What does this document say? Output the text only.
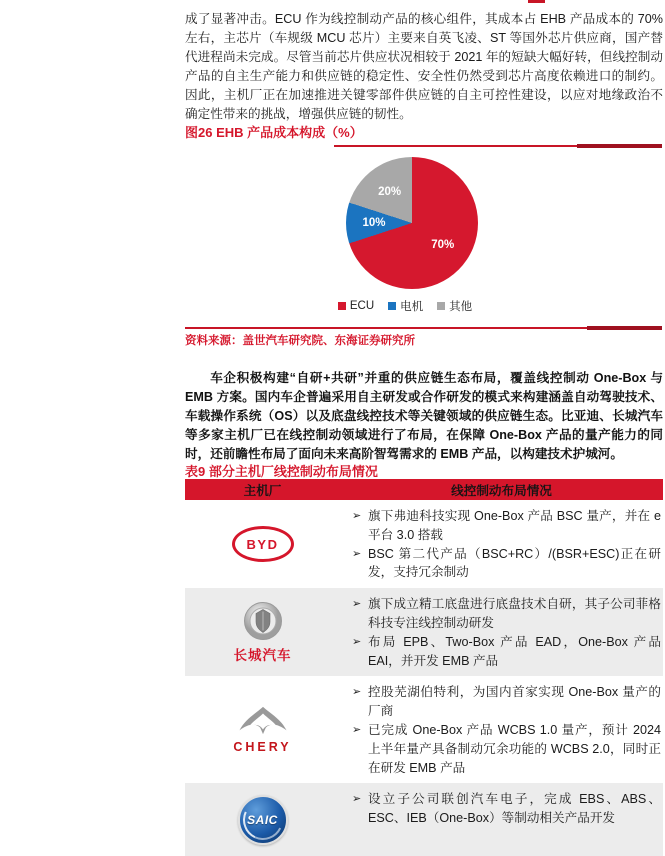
成了显著冲击。ECU 作为线控制动产品的核心组件，其成本占 EHB 产品成本的 70%左右，主芯片（车规级 MCU 芯片）主要来自英飞凌、ST 等国外芯片供应商，国产替代进程尚未完成。尽管当前芯片供应状况相较于 2021 年的短缺大幅好转，但线控制动产品的自主生产能力和供应链的稳定性、安全性仍然受到芯片高度依赖进口的制约。因此，主机厂正在加速推进关键零部件供应链的自主可控性建设，以应对地缘政治不确定性带来的挑战，增强供应链的韧性。

图26 EHB 产品成本构成（%）
70%
10%
20%
ECU 电机 其他
资料来源：盖世汽车研究院、东海证券研究所

车企积极构建“自研+共研”并重的供应链生态布局，覆盖线控制动 One-Box 与 EMB 方案。国内车企普遍采用自主研发或合作研发的模式来构建涵盖自动驾驶技术、车载操作系统（OS）以及底盘线控技术等关键领域的供应链生态。比亚迪、长城汽车等多家主机厂已在线控制动领域进行了布局，在保障 One-Box 产品的量产能力的同时，还前瞻性布局了面向未来高阶智驾需求的 EMB 产品，以构建技术护城河。

表9 部分主机厂线控制动布局情况
主机厂	线控制动布局情况
BYD
➢ 旗下弗迪科技实现 One-Box 产品 BSC 量产，并在 e 平台 3.0 搭载
➢ BSC 第二代产品（BSC+RC）/(BSR+ESC)正在研发，支持冗余制动
长城汽车
➢ 旗下成立精工底盘进行底盘技术自研，其子公司菲格科技专注线控制动研发
➢ 布局 EPB、Two-Box 产品 EAD，One-Box 产品 EAI，并开发 EMB 产品
CHERY
➢ 控股芜湖伯特利，为国内首家实现 One-Box 量产的厂商
➢ 已完成 One-Box 产品 WCBS 1.0 量产，预计 2024 上半年量产具备制动冗余功能的 WCBS 2.0，同时正在研发 EMB 产品
SAIC
➢ 设立子公司联创汽车电子，完成 EBS、ABS、ESC、IEB（One-Box）等制动相关产品开发
